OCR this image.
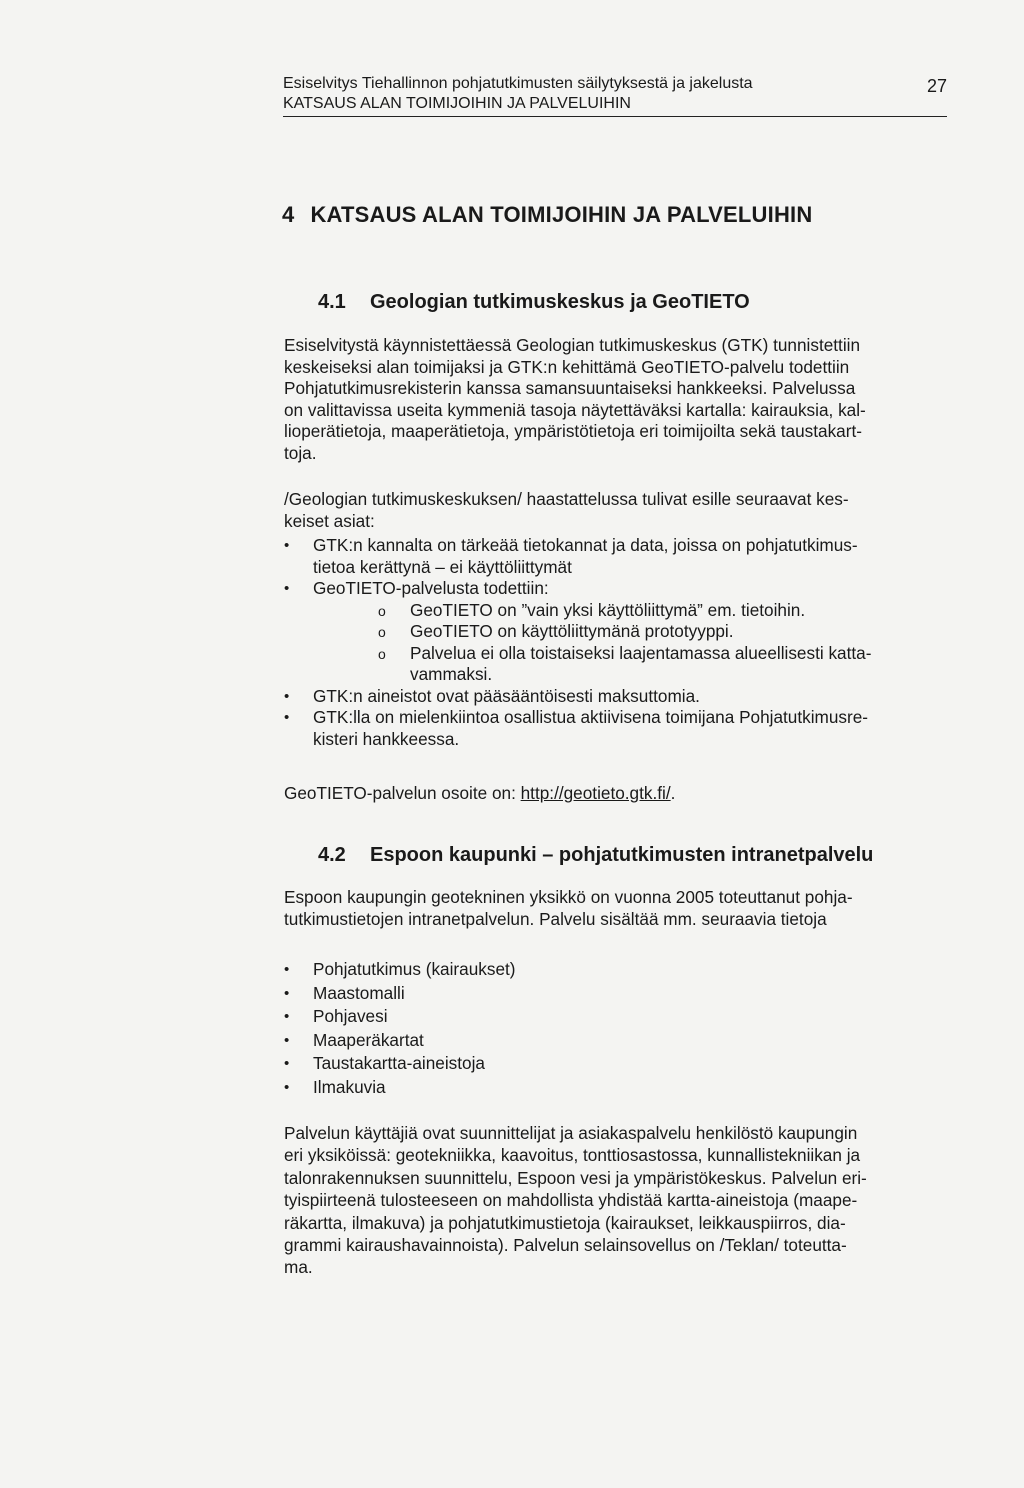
Esiselvitys Tiehallinnon pohjatutkimusten säilytyksestä ja jakelusta
KATSAUS ALAN TOIMIJOIHIN JA PALVELUIHIN
27
4 KATSAUS ALAN TOIMIJOIHIN JA PALVELUIHIN
4.1 Geologian tutkimuskeskus ja GeoTIETO
Esiselvitystä käynnistettäessä Geologian tutkimuskeskus (GTK) tunnistettiin
keskeiseksi alan toimijaksi ja GTK:n kehittämä GeoTIETO-palvelu todettiin
Pohjatutkimusrekisterin kanssa samansuuntaiseksi hankkeeksi. Palvelussa
on valittavissa useita kymmeniä tasoja näytettäväksi kartalla: kairauksia, kal-
lioperätietoja, maaperätietoja, ympäristötietoja eri toimijoilta sekä taustakart-
toja.
/Geologian tutkimuskeskuksen/ haastattelussa tulivat esille seuraavat kes-
keiset asiat:
• GTK:n kannalta on tärkeää tietokannat ja data, joissa on pohjatutkimus-
tietoa kerättynä – ei käyttöliittymät
• GeoTIETO-palvelusta todettiin:
o GeoTIETO on ”vain yksi käyttöliittymä” em. tietoihin.
o GeoTIETO on käyttöliittymänä prototyyppi.
o Palvelua ei olla toistaiseksi laajentamassa alueellisesti katta-
vammaksi.
• GTK:n aineistot ovat pääsääntöisesti maksuttomia.
• GTK:lla on mielenkiintoa osallistua aktiivisena toimijana Pohjatutkimusre-
kisteri hankkeessa.
GeoTIETO-palvelun osoite on: http://geotieto.gtk.fi/.
4.2 Espoon kaupunki – pohjatutkimusten intranetpalvelu
Espoon kaupungin geotekninen yksikkö on vuonna 2005 toteuttanut pohja-
tutkimustietojen intranetpalvelun. Palvelu sisältää mm. seuraavia tietoja
• Pohjatutkimus (kairaukset)
• Maastomalli
• Pohjavesi
• Maaperäkartat
• Taustakartta-aineistoja
• Ilmakuvia
Palvelun käyttäjiä ovat suunnittelijat ja asiakaspalvelu henkilöstö kaupungin
eri yksiköissä: geotekniikka, kaavoitus, tonttiosastossa, kunnallistekniikan ja
talonrakennuksen suunnittelu, Espoon vesi ja ympäristökeskus. Palvelun eri-
tyispiirteenä tulosteeseen on mahdollista yhdistää kartta-aineistoja (maape-
räkartta, ilmakuva) ja pohjatutkimustietoja (kairaukset, leikkauspiirros, dia-
grammi kairaushavainnoista). Palvelun selainsovellus on /Teklan/ toteutta-
ma.
